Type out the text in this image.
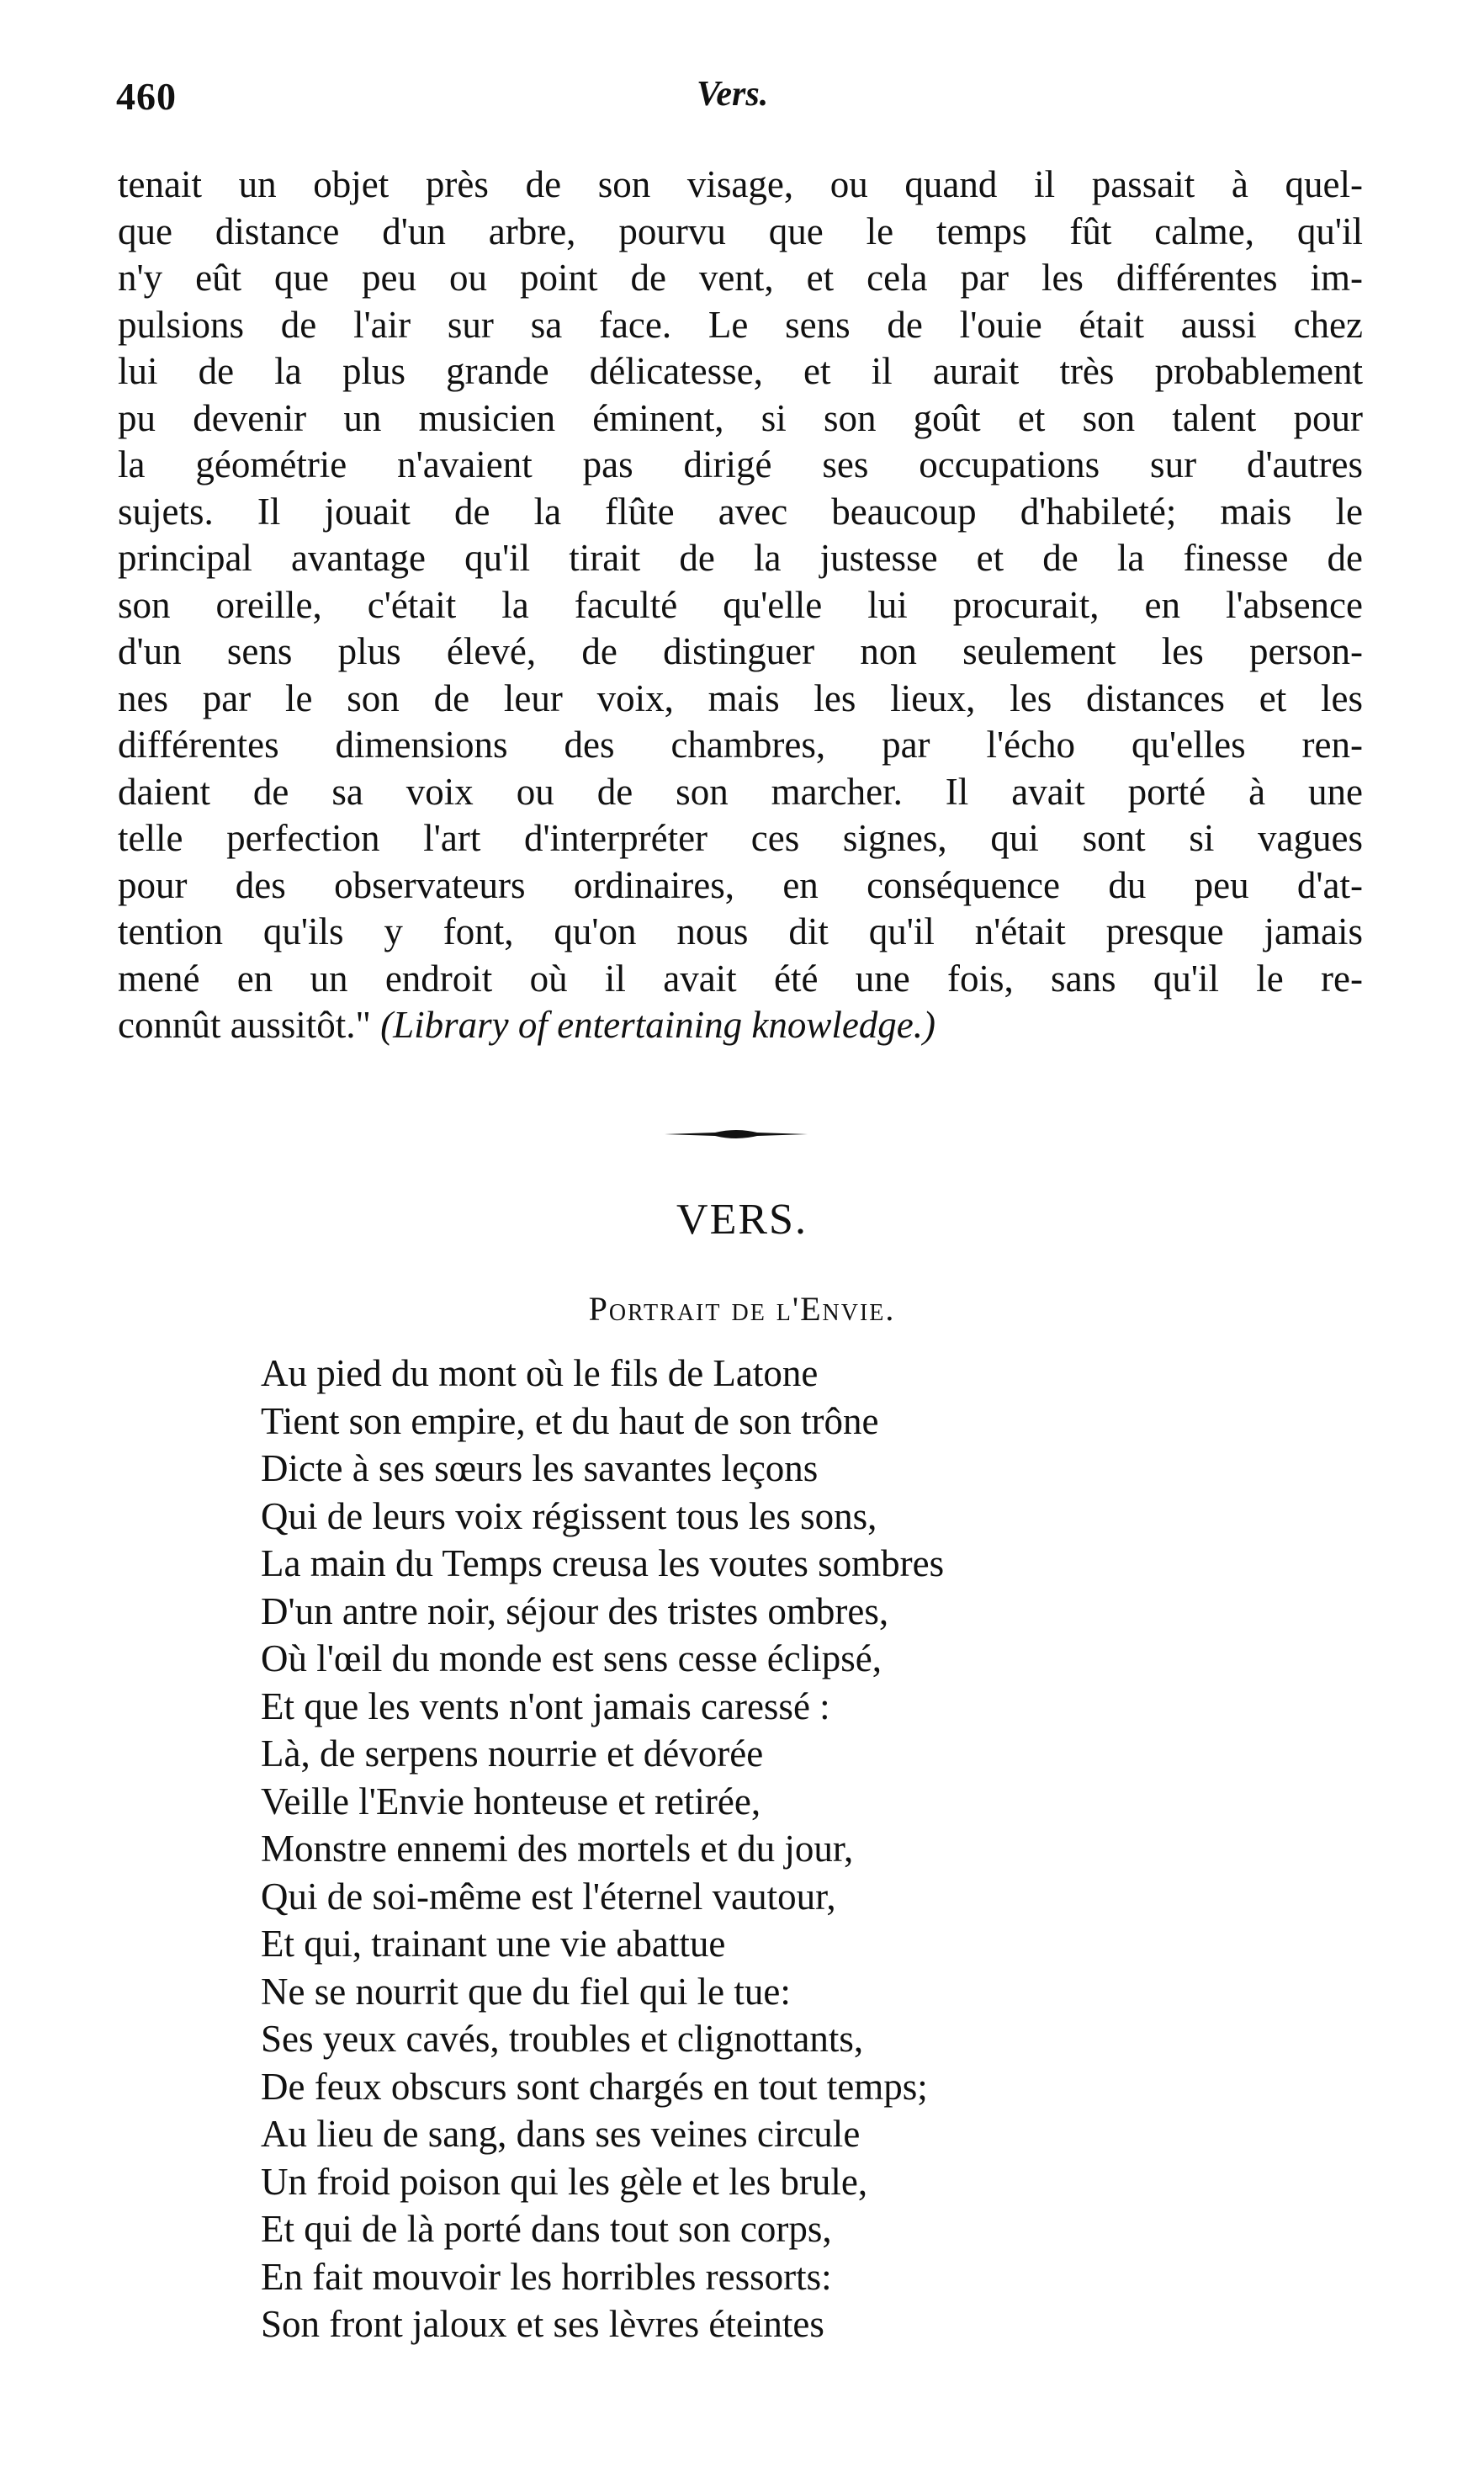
460	Vers.
tenait un objet près de son visage, ou quand il passait à quel-
que distance d'un arbre, pourvu que le temps fût calme, qu'il
n'y eût que peu ou point de vent, et cela par les différentes im-
pulsions de l'air sur sa face. Le sens de l'ouie était aussi chez
lui de la plus grande délicatesse, et il aurait très probablement
pu devenir un musicien éminent, si son goût et son talent pour
la géométrie n'avaient pas dirigé ses occupations sur d'autres
sujets. Il jouait de la flûte avec beaucoup d'habileté; mais le
principal avantage qu'il tirait de la justesse et de la finesse de
son oreille, c'était la faculté qu'elle lui procurait, en l'absence
d'un sens plus élevé, de distinguer non seulement les person-
nes par le son de leur voix, mais les lieux, les distances et les
différentes dimensions des chambres, par l'écho qu'elles ren-
daient de sa voix ou de son marcher. Il avait porté à une
telle perfection l'art d'interpréter ces signes, qui sont si vagues
pour des observateurs ordinaires, en conséquence du peu d'at-
tention qu'ils y font, qu'on nous dit qu'il n'était presque jamais
mené en un endroit où il avait été une fois, sans qu'il le re-
connût aussitôt." (Library of entertaining knowledge.)
VERS.
Portrait de l'Envie.
Au pied du mont où le fils de Latone
Tient son empire, et du haut de son trône
Dicte à ses sœurs les savantes leçons
Qui de leurs voix régissent tous les sons,
La main du Temps creusa les voutes sombres
D'un antre noir, séjour des tristes ombres,
Où l'œil du monde est sens cesse éclipsé,
Et que les vents n'ont jamais caressé :
Là, de serpens nourrie et dévorée
Veille l'Envie honteuse et retirée,
Monstre ennemi des mortels et du jour,
Qui de soi-même est l'éternel vautour,
Et qui, trainant une vie abattue
Ne se nourrit que du fiel qui le tue:
Ses yeux cavés, troubles et clignottants,
De feux obscurs sont chargés en tout temps;
Au lieu de sang, dans ses veines circule
Un froid poison qui les gèle et les brule,
Et qui de là porté dans tout son corps,
En fait mouvoir les horribles ressorts:
Son front jaloux et ses lèvres éteintes
